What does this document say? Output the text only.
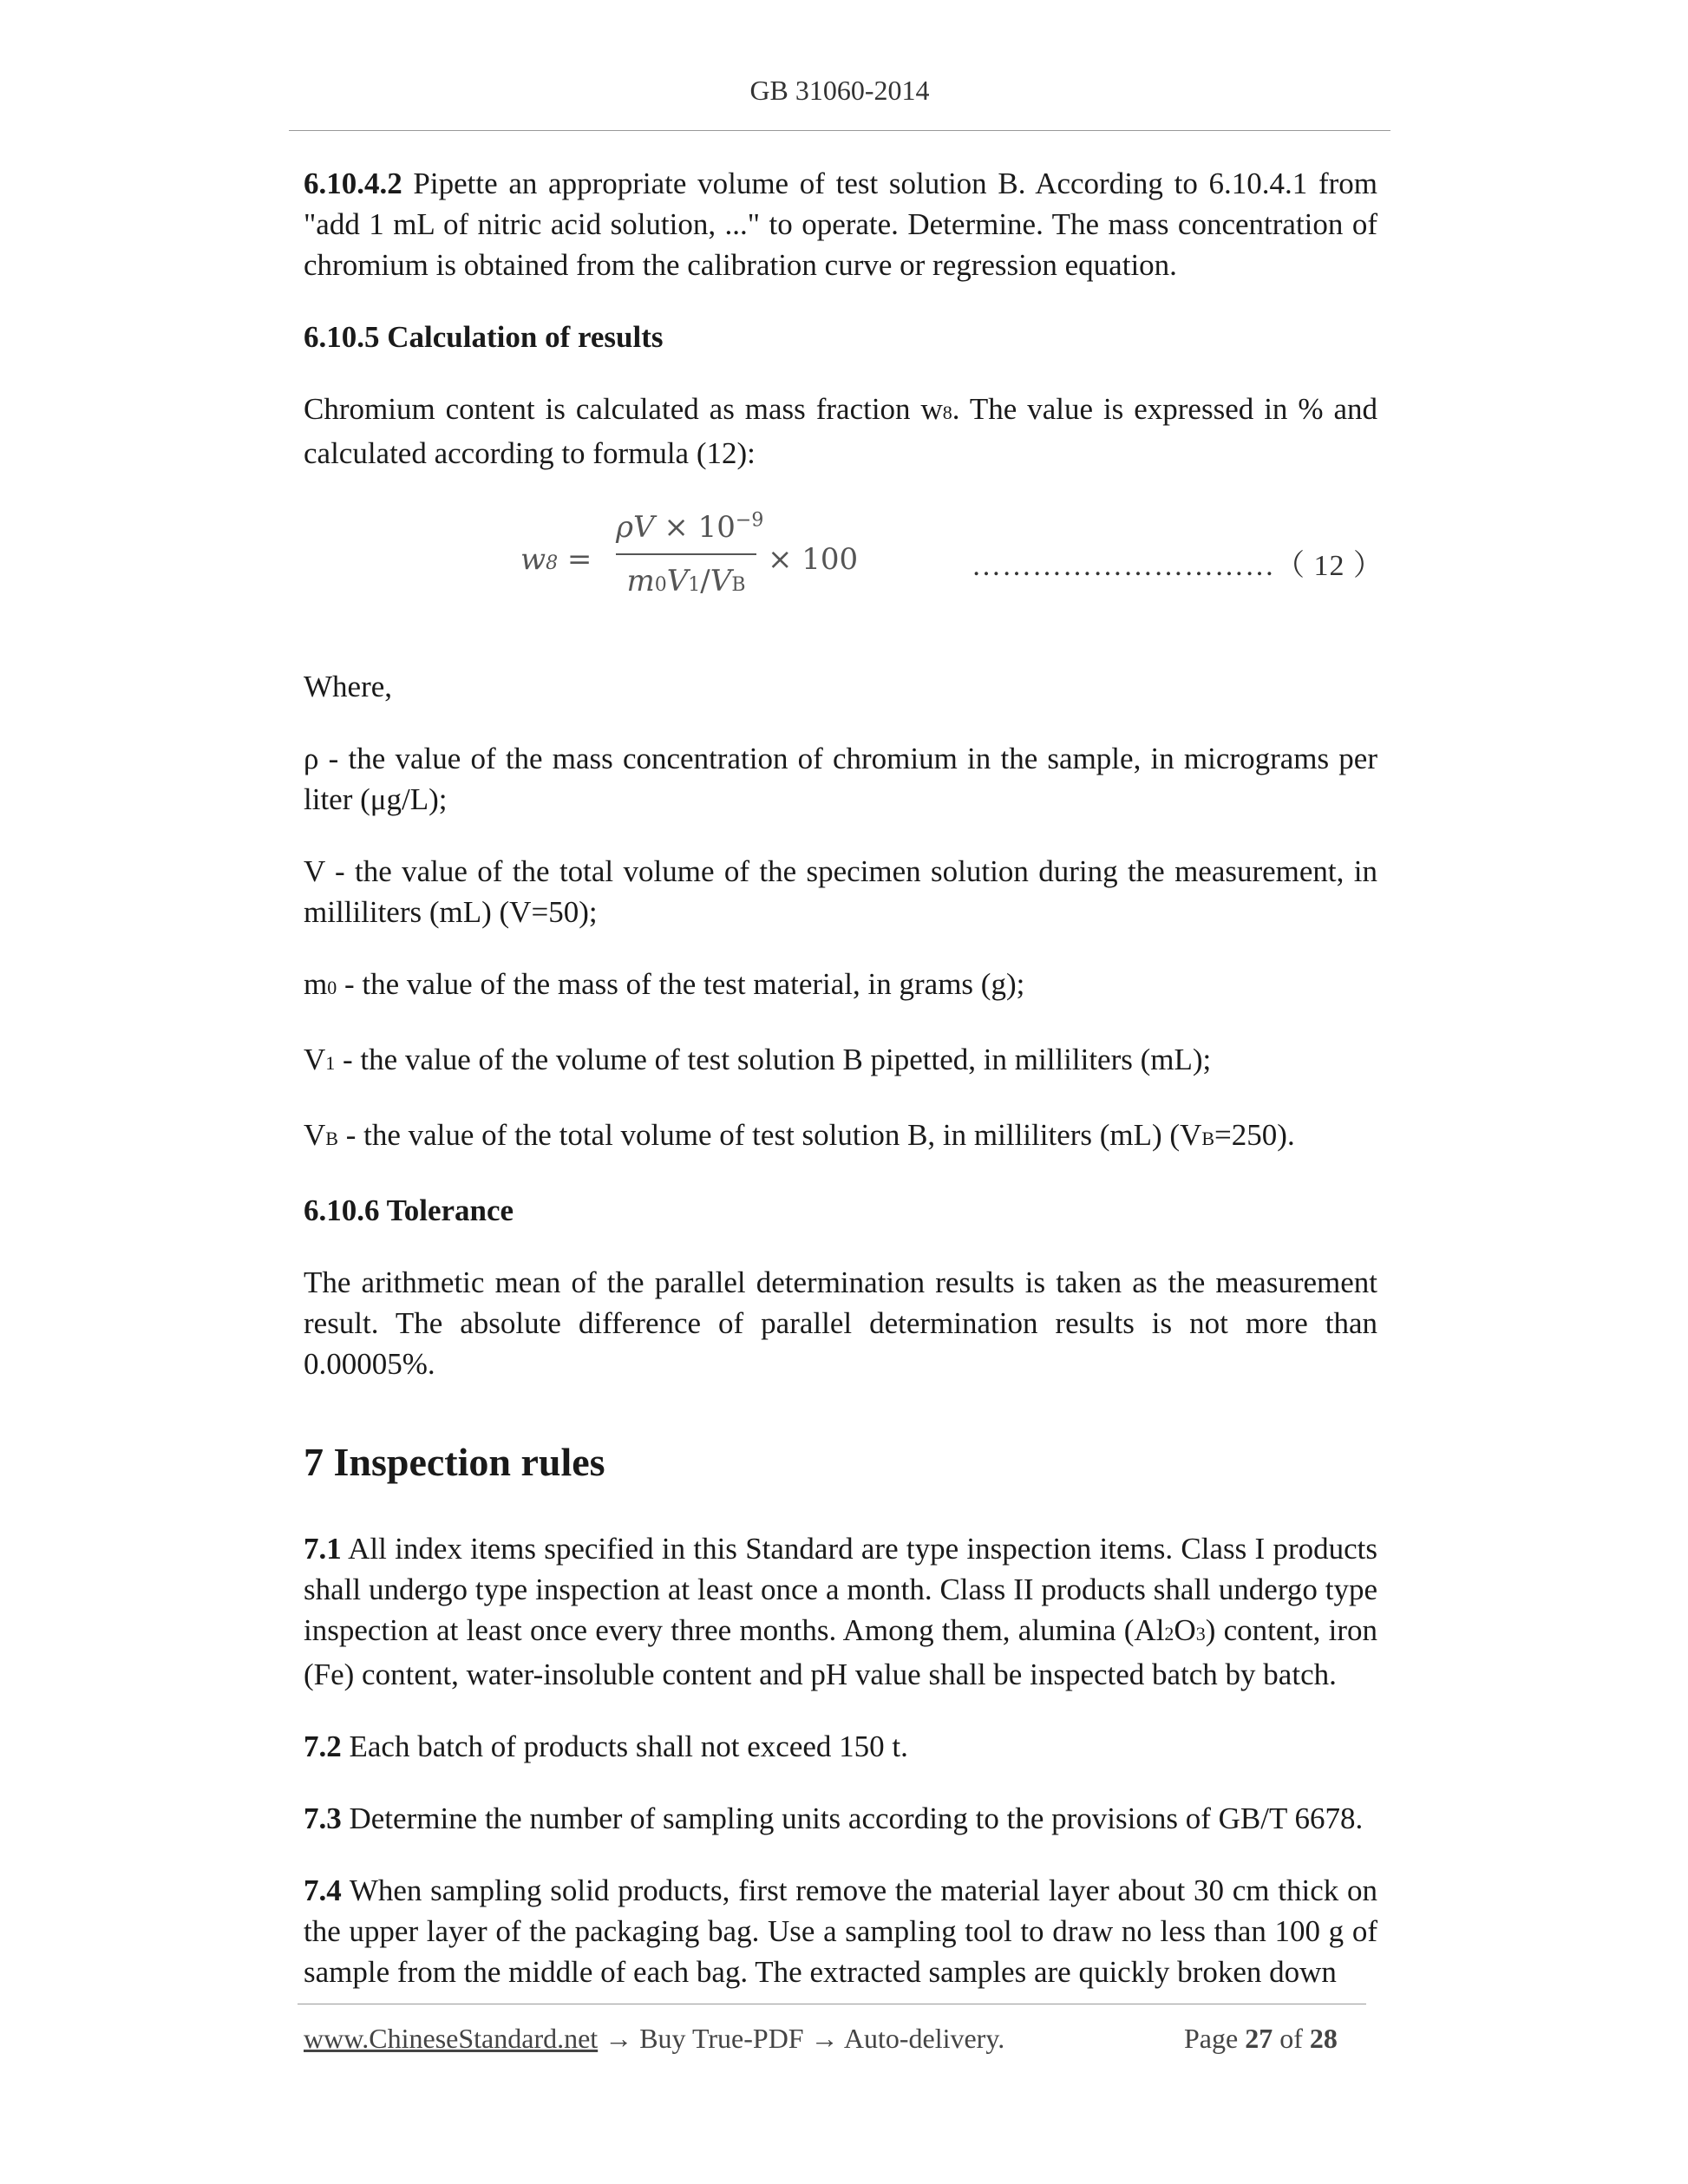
GB 31060-2014

6.10.4.2 Pipette an appropriate volume of test solution B. According to 6.10.4.1 from "add 1 mL of nitric acid solution, ..." to operate. Determine. The mass concentration of chromium is obtained from the calibration curve or regression equation.

6.10.5 Calculation of results

Chromium content is calculated as mass fraction w8. The value is expressed in % and calculated according to formula (12):

w8 =
$\rho V \times 10^{-9}$
m0V1/VB
× 100	…………………………（ 12 ）

Where,

ρ - the value of the mass concentration of chromium in the sample, in micrograms per liter (μg/L);

V - the value of the total volume of the specimen solution during the measurement, in milliliters (mL) (V=50);

m0 - the value of the mass of the test material, in grams (g);

V1 - the value of the volume of test solution B pipetted, in milliliters (mL);

VB - the value of the total volume of test solution B, in milliliters (mL) (VB=250).

6.10.6 Tolerance

The arithmetic mean of the parallel determination results is taken as the measurement result. The absolute difference of parallel determination results is not more than 0.00005%.

7 Inspection rules

7.1 All index items specified in this Standard are type inspection items. Class I products shall undergo type inspection at least once a month. Class II products shall undergo type inspection at least once every three months. Among them, alumina (Al2O3) content, iron (Fe) content, water-insoluble content and pH value shall be inspected batch by batch.

7.2 Each batch of products shall not exceed 150 t.

7.3 Determine the number of sampling units according to the provisions of GB/T 6678.

7.4 When sampling solid products, first remove the material layer about 30 cm thick on the upper layer of the packaging bag. Use a sampling tool to draw no less than 100 g of sample from the middle of each bag. The extracted samples are quickly broken down

www.ChineseStandard.net → Buy True-PDF → Auto-delivery.	Page 27 of 28
